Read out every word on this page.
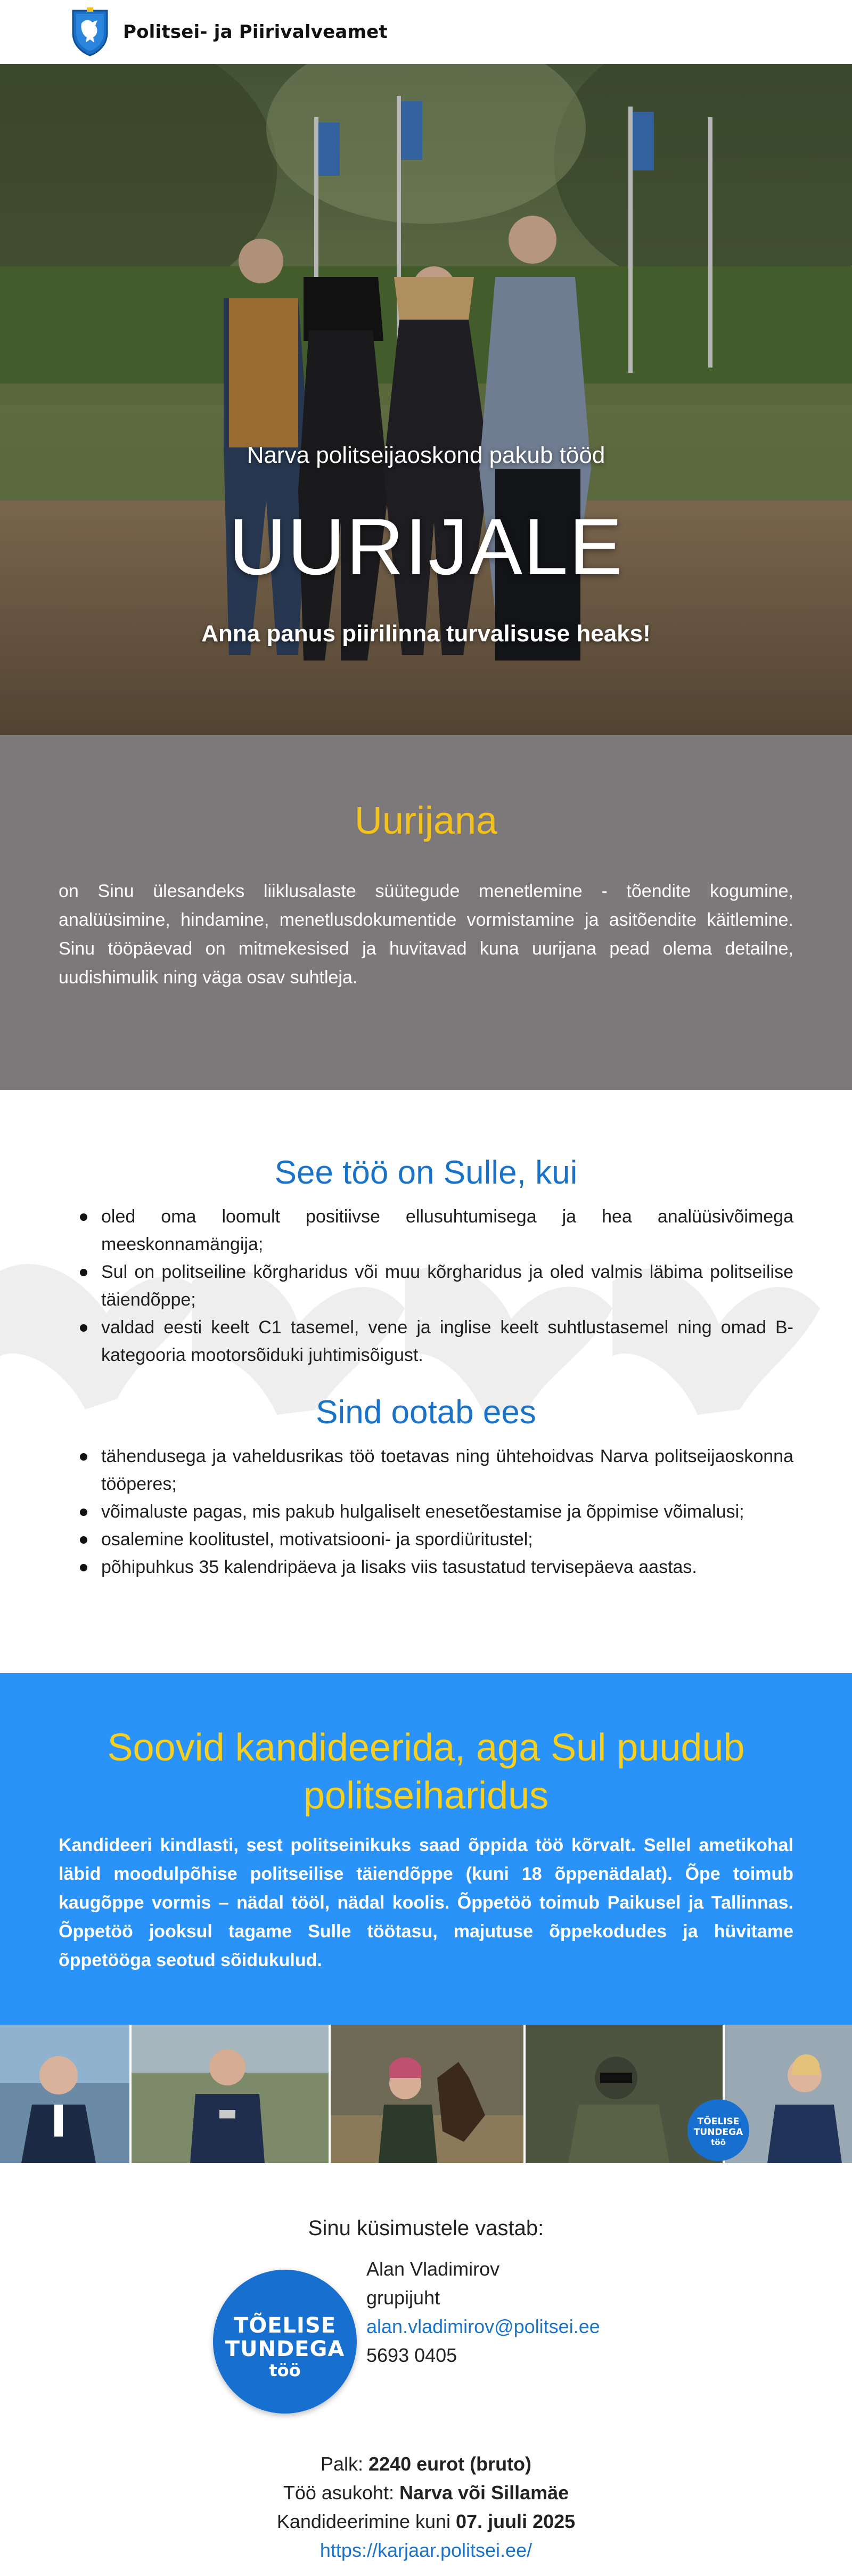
Politsei- ja Piirivalveamet
Narva politseijaoskond pakub tööd
UURIJALE
Anna panus piirilinna turvalisuse heaks!
Uurijana

on Sinu ülesandeks liiklusalaste süütegude menetlemine - tõendite kogumine, analüüsimine, hindamine, menetlusdokumentide vormistamine ja asitõendite käitlemine. Sinu tööpäevad on mitmekesised ja huvitavad kuna uurijana pead olema detailne, uudishimulik ning väga osav suhtleja.

See töö on Sulle, kui
oled oma loomult positiivse ellusuhtumisega ja hea analüüsivõimega meeskonnamängija;
Sul on politseiline kõrgharidus või muu kõrgharidus ja oled valmis läbima politseilise täiendõppe;
valdad eesti keelt C1 tasemel, vene ja inglise keelt suhtlustasemel ning omad B-kategooria mootorsõiduki juhtimisõigust.
Sind ootab ees
tähendusega ja vaheldusrikas töö toetavas ning ühtehoidvas Narva politseijaoskonna tööperes;
võimaluste pagas, mis pakub hulgaliselt enesetõestamise ja õppimise võimalusi;
osalemine koolitustel, motivatsiooni- ja spordiüritustel;
põhipuhkus 35 kalendripäeva ja lisaks viis tasustatud tervisepäeva aastas.
Soovid kandideerida, aga Sul puudub politseiharidus

Kandideeri kindlasti, sest politseinikuks saad õppida töö kõrvalt. Sellel ametikohal läbid moodulpõhise politseilise täiendõppe (kuni 18 õppenädalat). Õpe toimub kaugõppe vormis – nädal tööl, nädal koolis. Õppetöö toimub Paikusel ja Tallinnas. Õppetöö jooksul tagame Sulle töötasu, majutuse õppekodudes ja hüvitame õppetööga seotud sõidukulud.

TÕELISE
TUNDEGA
töö
Sinu küsimustele vastab:
TÕELISE
TUNDEGA
töö
Alan Vladimirov
grupijuht
alan.vladimirov@politsei.ee
5693 0405
Palk: 2240 eurot (bruto)
Töö asukoht: Narva või Sillamäe
Kandideerimine kuni 07. juuli 2025
https://karjaar.politsei.ee/
